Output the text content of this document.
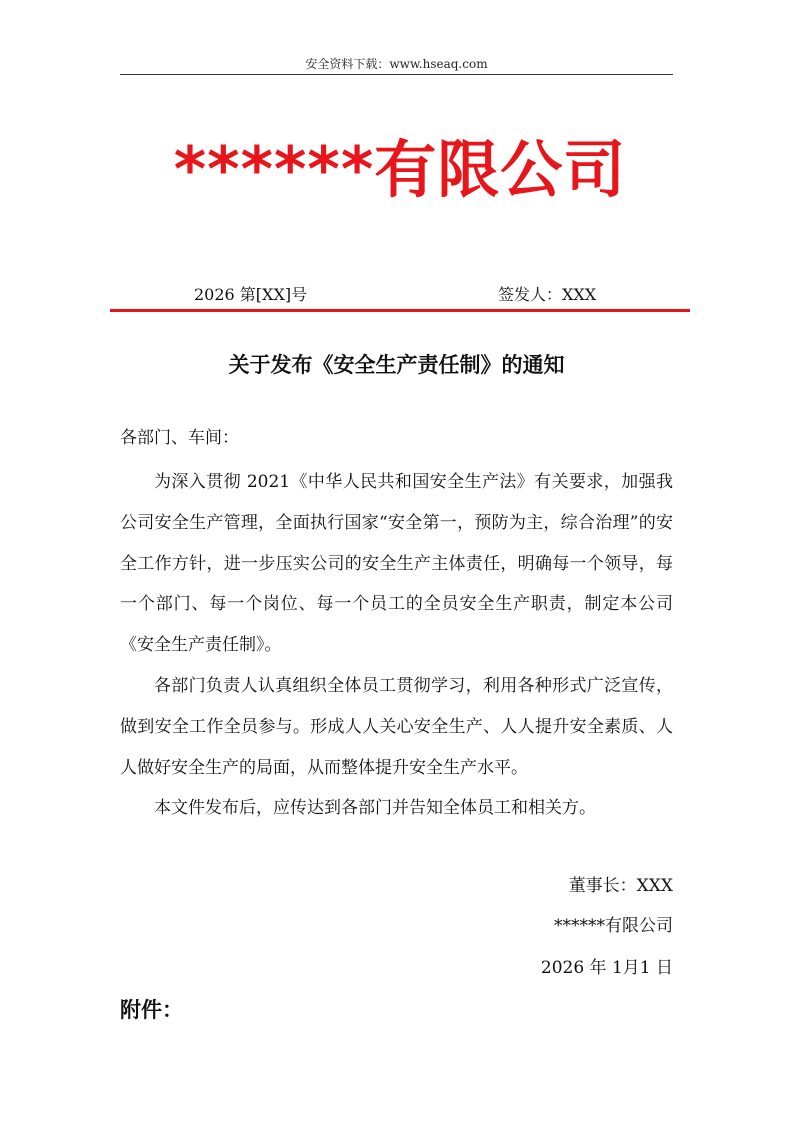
安全资料下载：www.hseaq.com
******有限公司
2026 第[XX]号	签发人：XXX
关于发布《安全生产责任制》的通知
各部门、车间：

为深入贯彻 2021《中华人民共和国安全生产法》有关要求，加强我公司安全生产管理，全面执行国家“安全第一，预防为主，综合治理”的安全工作方针，进一步压实公司的安全生产主体责任，明确每一个领导，每一个部门、每一个岗位、每一个员工的全员安全生产职责，制定本公司《安全生产责任制》。

各部门负责人认真组织全体员工贯彻学习，利用各种形式广泛宣传，做到安全工作全员参与。形成人人关心安全生产、人人提升安全素质、人人做好安全生产的局面，从而整体提升安全生产水平。

本文件发布后，应传达到各部门并告知全体员工和相关方。

董事长：XXX
******有限公司
2026 年 1月1 日
附件：
